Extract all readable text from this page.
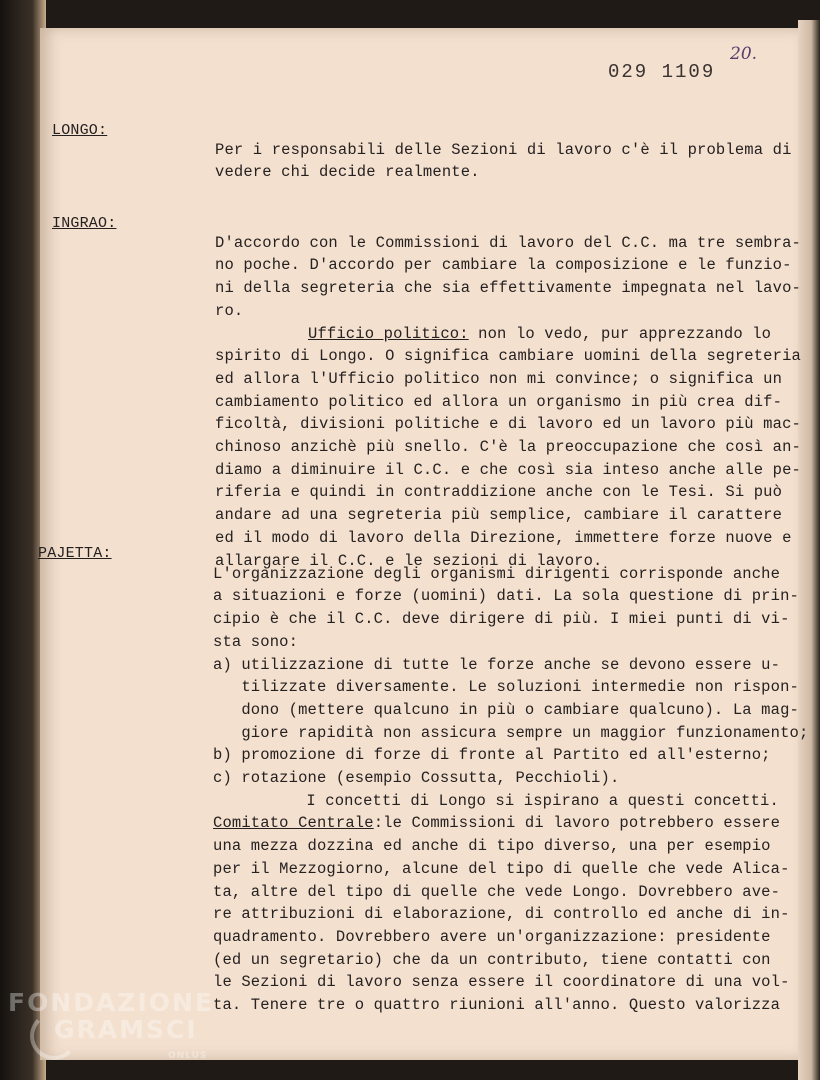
029 1109
20.
LONGO:

Per i responsabili delle Sezioni di lavoro c'è il problema di
vedere chi decide realmente.

INGRAO:

D'accordo con le Commissioni di lavoro del C.C. ma tre sembra-
no poche. D'accordo per cambiare la composizione e le funzio-
ni della segreteria che sia effettivamente impegnata nel lavo-
ro.
Ufficio politico: non lo vedo, pur apprezzando lo
spirito di Longo. O significa cambiare uomini della segreteria
ed allora l'Ufficio politico non mi convince; o significa un
cambiamento politico ed allora un organismo in più crea dif-
ficoltà, divisioni politiche e di lavoro ed un lavoro più mac-
chinoso anzichè più snello. C'è la preoccupazione che così an-
diamo a diminuire il C.C. e che così sia inteso anche alle pe-
riferia e quindi in contraddizione anche con le Tesi. Si può
andare ad una segreteria più semplice, cambiare il carattere
ed il modo di lavoro della Direzione, immettere forze nuove e
allargare il C.C. e le sezioni di lavoro.

PAJETTA:

L'organizzazione degli organismi dirigenti corrisponde anche
a situazioni e forze (uomini) dati. La sola questione di prin-
cipio è che il C.C. deve dirigere di più. I miei punti di vi-
sta sono:
a) utilizzazione di tutte le forze anche se devono essere u-
tilizzate diversamente. Le soluzioni intermedie non rispon-
dono (mettere qualcuno in più o cambiare qualcuno). La mag-
giore rapidità non assicura sempre un maggior funzionamento;
b) promozione di forze di fronte al Partito ed all'esterno;
c) rotazione (esempio Cossutta, Pecchioli).
I concetti di Longo si ispirano a questi concetti.
Comitato Centrale:le Commissioni di lavoro potrebbero essere
una mezza dozzina ed anche di tipo diverso, una per esempio
per il Mezzogiorno, alcune del tipo di quelle che vede Alica-
ta, altre del tipo di quelle che vede Longo. Dovrebbero ave-
re attribuzioni di elaborazione, di controllo ed anche di in-
quadramento. Dovrebbero avere un'organizzazione: presidente
(ed un segretario) che da un contributo, tiene contatti con
le Sezioni di lavoro senza essere il coordinatore di una vol-
ta. Tenere tre o quattro riunioni all'anno. Questo valorizza

FONDAZIONE
GRAMSCI
ONLUS
